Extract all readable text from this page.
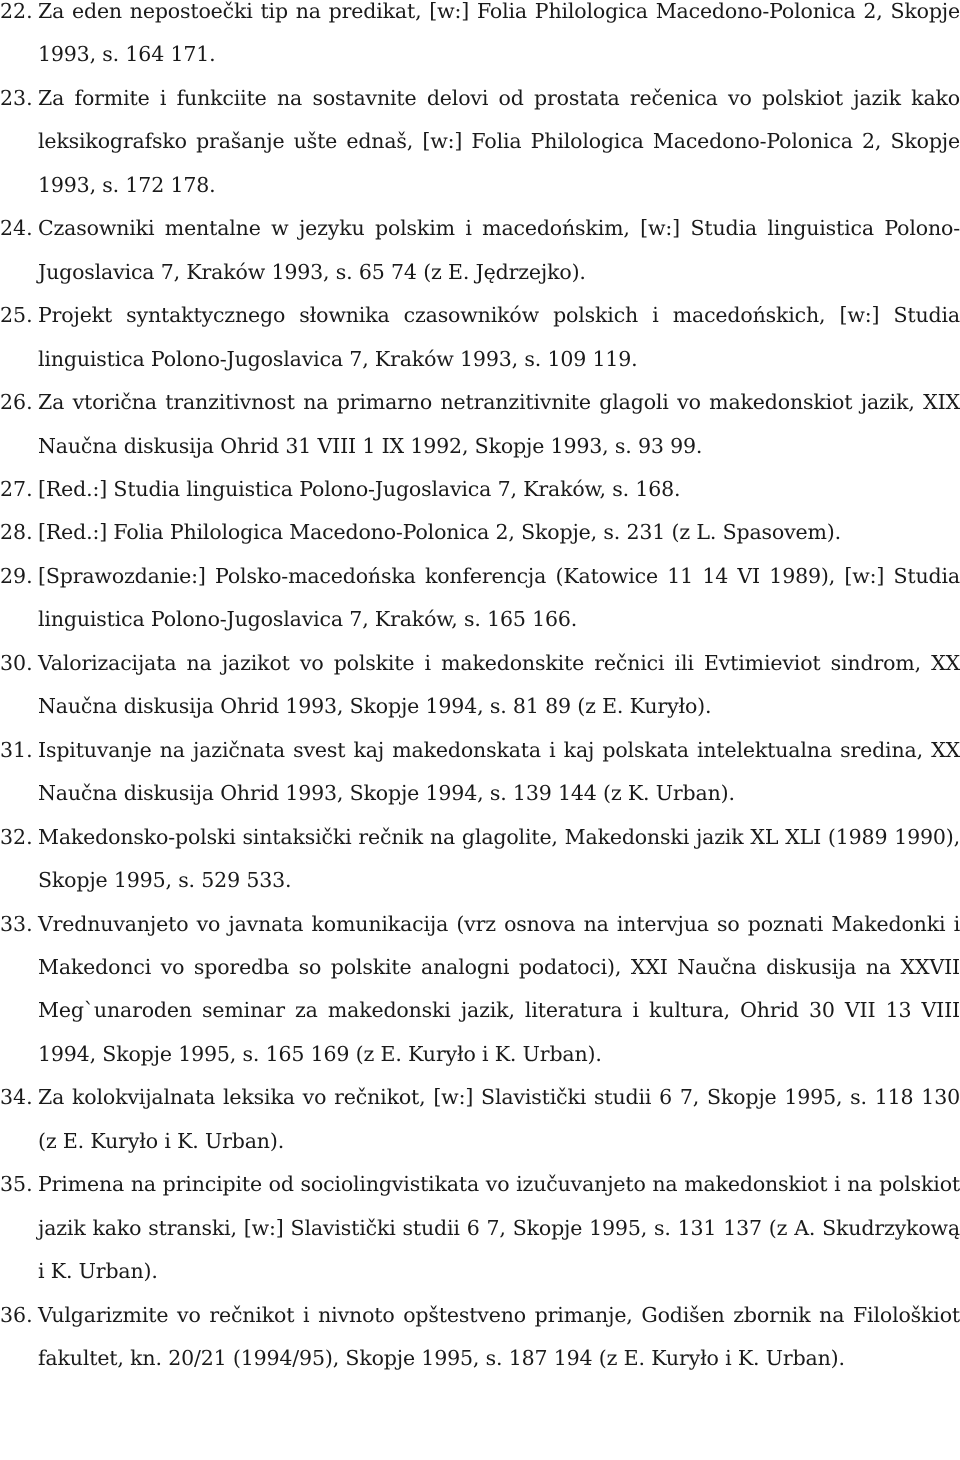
22. Za eden nepostoečki tip na predikat, [w:] Folia Philologica Macedono-Polonica 2, Skopje 1993, s. 164 171.
23. Za formite i funkciite na sostavnite delovi od prostata rečenica vo polskiot jazik kako leksikografsko prašanje ušte ednaš, [w:] Folia Philologica Macedono-Polonica 2, Skopje 1993, s. 172 178.
24. Czasowniki mentalne w jezyku polskim i macedońskim, [w:] Studia linguistica Polono-Jugoslavica 7, Kraków 1993, s. 65 74 (z E. Jędrzejko).
25. Projekt syntaktycznego słownika czasowników polskich i macedońskich, [w:] Studia linguistica Polono-Jugoslavica 7, Kraków 1993, s. 109 119.
26. Za vtorična tranzitivnost na primarno netranzitivnite glagoli vo makedonskiot jazik, XIX Naučna diskusija Ohrid 31 VIII 1 IX 1992, Skopje 1993, s. 93 99.
27. [Red.:] Studia linguistica Polono-Jugoslavica 7, Kraków, s. 168.
28. [Red.:] Folia Philologica Macedono-Polonica 2, Skopje, s. 231 (z L. Spasovem).
29. [Sprawozdanie:] Polsko-macedońska konferencja (Katowice 11 14 VI 1989), [w:] Studia linguistica Polono-Jugoslavica 7, Kraków, s. 165 166.
30. Valorizacijata na jazikot vo polskite i makedonskite rečnici ili Evtimieviot sindrom, XX Naučna diskusija Ohrid 1993, Skopje 1994, s. 81 89 (z E. Kuryło).
31. Ispituvanje na jazičnata svest kaj makedonskata i kaj polskata intelektualna sredina, XX Naučna diskusija Ohrid 1993, Skopje 1994, s. 139 144 (z K. Urban).
32. Makedonsko-polski sintaksički rečnik na glagolite, Makedonski jazik XL XLI (1989 1990), Skopje 1995, s. 529 533.
33. Vrednuvanjeto vo javnata komunikacija (vrz osnova na intervjua so poznati Makedonki i Makedonci vo sporedba so polskite analogni podatoci), XXI Naučna diskusija na XXVII Meg`unaroden seminar za makedonski jazik, literatura i kultura, Ohrid 30 VII 13 VIII 1994, Skopje 1995, s. 165 169 (z E. Kuryło i K. Urban).
34. Za kolokvijalnata leksika vo rečnikot, [w:] Slavistički studii 6 7, Skopje 1995, s. 118 130 (z E. Kuryło i K. Urban).
35. Primena na principite od sociolingvistikata vo izučuvanjeto na makedonskiot i na polskiot jazik kako stranski, [w:] Slavistički studii 6 7, Skopje 1995, s. 131 137 (z A. Skudrzykową i K. Urban).
36. Vulgarizmite vo rečnikot i nivnoto opštestveno primanje, Godišen zbornik na Filološkiot fakultet, kn. 20/21 (1994/95), Skopje 1995, s. 187 194 (z E. Kuryło i K. Urban).
